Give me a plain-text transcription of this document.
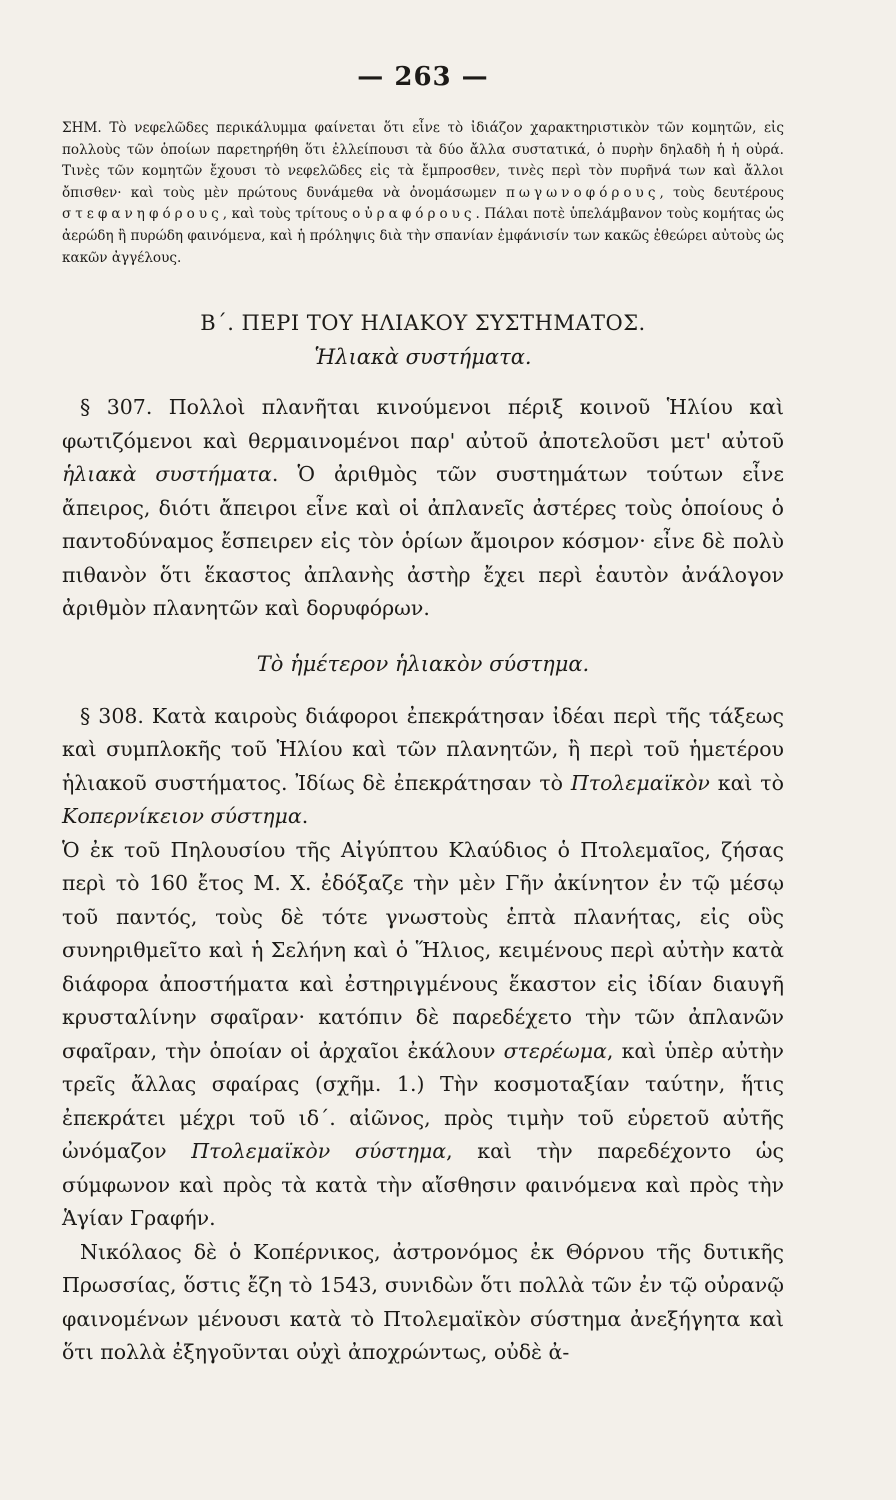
— 263 —

ΣΗΜ. Τὸ νεφελῶδες περικάλυμμα φαίνεται ὅτι εἶνε τὸ ἰδιάζον χαρακτηριστικὸν τῶν κομητῶν, εἰς πολλοὺς τῶν ὁποίων παρετηρήθη ὅτι ἐλλείπουσι τὰ δύο ἄλλα συστατικά, ὁ πυρὴν δηλαδὴ ἡ ἡ οὐρά. Τινὲς τῶν κομητῶν ἔχουσι τὸ νεφελῶδες εἰς τὰ ἔμπροσθεν, τινὲς περὶ τὸν πυρῆνά των καὶ ἄλλοι ὄπισθεν· καὶ τοὺς μὲν πρώτους δυνάμεθα νὰ ὀνομάσωμεν πωγωνοφόρους, τοὺς δευτέρους στεφανηφόρους, καὶ τοὺς τρίτους οὐραφόρους. Πάλαι ποτὲ ὑπελάμβανον τοὺς κομήτας ὡς ἀερώδη ἢ πυρώδη φαινόμενα, καὶ ἡ πρόληψις διὰ τὴν σπανίαν ἐμφάνισίν των κακῶς ἐθεώρει αὐτοὺς ὡς κακῶν ἀγγέλους.

Β΄. ΠΕΡΙ ΤΟΥ ΗΛΙΑΚΟΥ ΣΥΣΤΗΜΑΤΟΣ.
Ἡλιακὰ συστήματα.

§ 307. Πολλοὶ πλανῆται κινούμενοι πέριξ κοινοῦ Ἡλίου καὶ φωτιζόμενοι καὶ θερμαινομένοι παρ' αὐτοῦ ἀποτελοῦσι μετ' αὐτοῦ ἡλιακὰ συστήματα. Ὁ ἀριθμὸς τῶν συστημάτων τούτων εἶνε ἄπειρος, διότι ἄπειροι εἶνε καὶ οἱ ἀπλανεῖς ἀστέρες τοὺς ὁποίους ὁ παντοδύναμος ἔσπειρεν εἰς τὸν ὁρίων ἄμοιρον κόσμον· εἶνε δὲ πολὺ πιθανὸν ὅτι ἕκαστος ἀπλανὴς ἀστὴρ ἔχει περὶ ἑαυτὸν ἀνάλογον ἀριθμὸν πλανητῶν καὶ δορυφόρων.

Τὸ ἡμέτερον ἡλιακὸν σύστημα.

§ 308. Κατὰ καιροὺς διάφοροι ἐπεκράτησαν ἰδέαι περὶ τῆς τάξεως καὶ συμπλοκῆς τοῦ Ἡλίου καὶ τῶν πλανητῶν, ἢ περὶ τοῦ ἡμετέρου ἡλιακοῦ συστήματος. Ἰδίως δὲ ἐπεκράτησαν τὸ Πτολεμαϊκὸν καὶ τὸ Κοπερνίκειον σύστημα.

Ὁ ἐκ τοῦ Πηλουσίου τῆς Αἰγύπτου Κλαύδιος ὁ Πτολεμαῖος, ζήσας περὶ τὸ 160 ἔτος Μ. Χ. ἐδόξαζε τὴν μὲν Γῆν ἀκίνητον ἐν τῷ μέσῳ τοῦ παντός, τοὺς δὲ τότε γνωστοὺς ἑπτὰ πλανήτας, εἰς οὓς συνηριθμεῖτο καὶ ἡ Σελήνη καὶ ὁ Ἥλιος, κειμένους περὶ αὐτὴν κατὰ διάφορα ἀποστήματα καὶ ἐστηριγμένους ἕκαστον εἰς ἰδίαν διαυγῆ κρυσταλίνην σφαῖραν· κατόπιν δὲ παρεδέχετο τὴν τῶν ἀπλανῶν σφαῖραν, τὴν ὁποίαν οἱ ἀρχαῖοι ἐκάλουν στερέωμα, καὶ ὑπὲρ αὐτὴν τρεῖς ἄλλας σφαίρας (σχῆμ. 1.) Τὴν κοσμοταξίαν ταύτην, ἥτις ἐπεκράτει μέχρι τοῦ ιδ΄. αἰῶνος, πρὸς τιμὴν τοῦ εὑρετοῦ αὐτῆς ὠνόμαζον Πτολεμαϊκὸν σύστημα, καὶ τὴν παρεδέχοντο ὡς σύμφωνον καὶ πρὸς τὰ κατὰ τὴν αἴσθησιν φαινόμενα καὶ πρὸς τὴν Ἁγίαν Γραφήν.

Νικόλαος δὲ ὁ Κοπέρνικος, ἀστρονόμος ἐκ Θόρνου τῆς δυτικῆς Πρωσσίας, ὅστις ἔζη τὸ 1543, συνιδὼν ὅτι πολλὰ τῶν ἐν τῷ οὐρανῷ φαινομένων μένουσι κατὰ τὸ Πτολεμαϊκὸν σύστημα ἀνεξήγητα καὶ ὅτι πολλὰ ἐξηγοῦνται οὐχὶ ἀποχρώντως, οὐδὲ ἀ-
